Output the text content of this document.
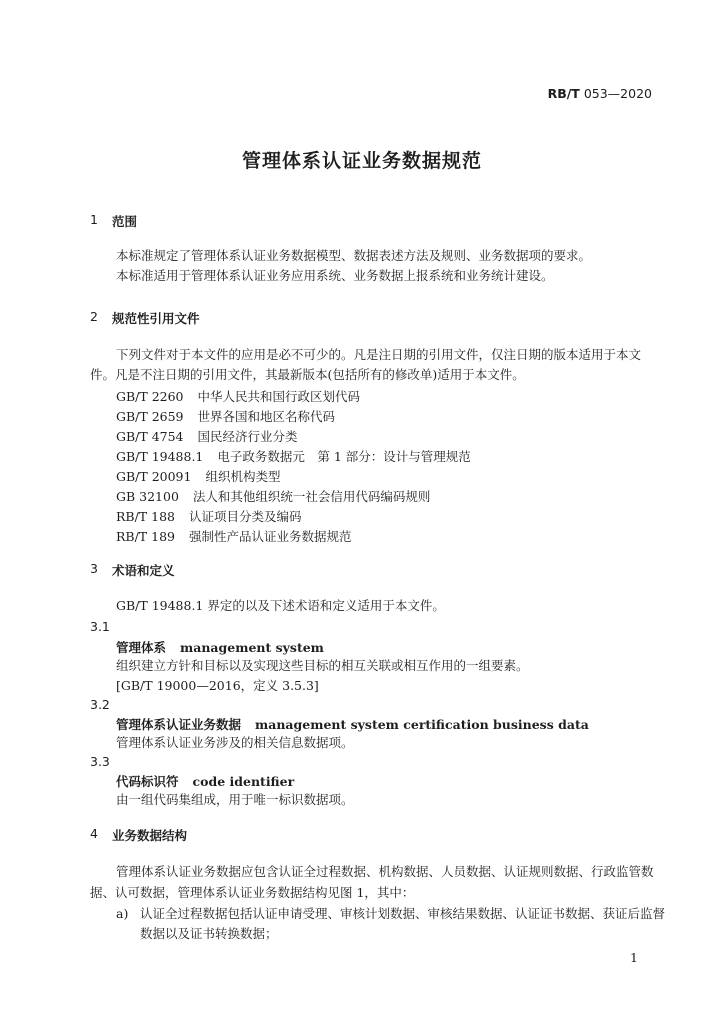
RB/T 053—2020
管理体系认证业务数据规范
1 范围
本标准规定了管理体系认证业务数据模型、数据表述方法及规则、业务数据项的要求。
本标准适用于管理体系认证业务应用系统、业务数据上报系统和业务统计建设。
2 规范性引用文件
下列文件对于本文件的应用是必不可少的。凡是注日期的引用文件，仅注日期的版本适用于本文
件。凡是不注日期的引用文件，其最新版本(包括所有的修改单)适用于本文件。
GB/T 2260 中华人民共和国行政区划代码
GB/T 2659 世界各国和地区名称代码
GB/T 4754 国民经济行业分类
GB/T 19488.1 电子政务数据元　第 1 部分：设计与管理规范
GB/T 20091 组织机构类型
GB 32100 法人和其他组织统一社会信用代码编码规则
RB/T 188 认证项目分类及编码
RB/T 189 强制性产品认证业务数据规范
3 术语和定义
GB/T 19488.1 界定的以及下述术语和定义适用于本文件。
3.1
管理体系 management system
组织建立方针和目标以及实现这些目标的相互关联或相互作用的一组要素。
[GB/T 19000—2016，定义 3.5.3]
3.2
管理体系认证业务数据 management system certification business data
管理体系认证业务涉及的相关信息数据项。
3.3
代码标识符 code identifier
由一组代码集组成，用于唯一标识数据项。
4 业务数据结构
管理体系认证业务数据应包含认证全过程数据、机构数据、人员数据、认证规则数据、行政监管数
据、认可数据，管理体系认证业务数据结构见图 1，其中：
a) 认证全过程数据包括认证申请受理、审核计划数据、审核结果数据、认证证书数据、获证后监督
数据以及证书转换数据；
1
